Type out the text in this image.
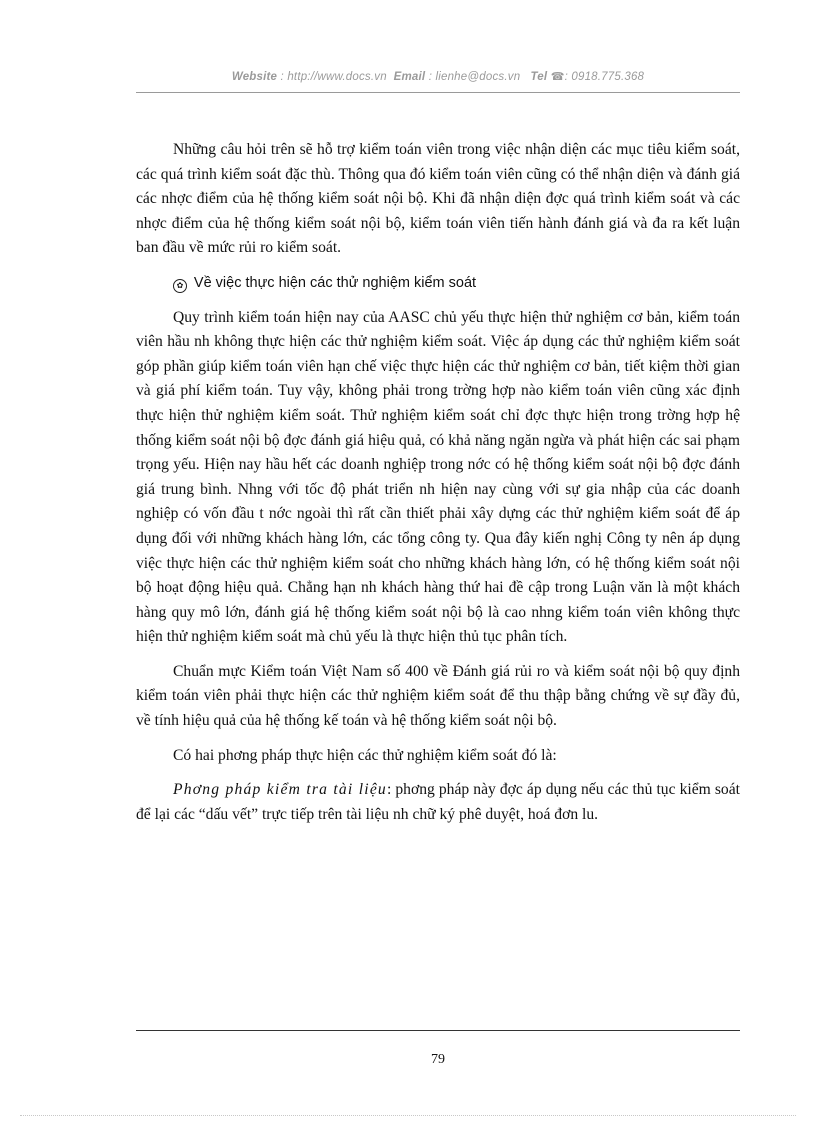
Website : http://www.docs.vn Email : lienhe@docs.vn Tel ☎: 0918.775.368

Những câu hỏi trên sẽ hỗ trợ kiểm toán viên trong việc nhận diện các mục tiêu kiểm soát, các quá trình kiểm soát đặc thù. Thông qua đó kiểm toán viên cũng có thể nhận diện và đánh giá các nhợc điểm của hệ thống kiểm soát nội bộ. Khi đã nhận diện đợc quá trình kiểm soát và các nhợc điểm của hệ thống kiểm soát nội bộ, kiểm toán viên tiến hành đánh giá và đa ra kết luận ban đầu về mức rủi ro kiểm soát.

✿ Về việc thực hiện các thử nghiệm kiểm soát

Quy trình kiểm toán hiện nay của AASC chủ yếu thực hiện thử nghiệm cơ bản, kiểm toán viên hầu nh không thực hiện các thử nghiệm kiểm soát. Việc áp dụng các thử nghiệm kiểm soát góp phần giúp kiểm toán viên hạn chế việc thực hiện các thử nghiệm cơ bản, tiết kiệm thời gian và giá phí kiểm toán. Tuy vậy, không phải trong trờng hợp nào kiểm toán viên cũng xác định thực hiện thử nghiệm kiểm soát. Thử nghiệm kiểm soát chỉ đợc thực hiện trong trờng hợp hệ thống kiểm soát nội bộ đợc đánh giá hiệu quả, có khả năng ngăn ngừa và phát hiện các sai phạm trọng yếu. Hiện nay hầu hết các doanh nghiệp trong nớc có hệ thống kiểm soát nội bộ đợc đánh giá trung bình. Nhng với tốc độ phát triển nh hiện nay cùng với sự gia nhập của các doanh nghiệp có vốn đầu t nớc ngoài thì rất cần thiết phải xây dựng các thử nghiệm kiểm soát để áp dụng đối với những khách hàng lớn, các tổng công ty. Qua đây kiến nghị Công ty nên áp dụng việc thực hiện các thử nghiệm kiểm soát cho những khách hàng lớn, có hệ thống kiểm soát nội bộ hoạt động hiệu quả. Chẳng hạn nh khách hàng thứ hai đề cập trong Luận văn là một khách hàng quy mô lớn, đánh giá hệ thống kiểm soát nội bộ là cao nhng kiểm toán viên không thực hiện thử nghiệm kiểm soát mà chủ yếu là thực hiện thủ tục phân tích.

Chuẩn mực Kiểm toán Việt Nam số 400 về Đánh giá rủi ro và kiểm soát nội bộ quy định kiểm toán viên phải thực hiện các thử nghiệm kiểm soát để thu thập bằng chứng về sự đầy đủ, về tính hiệu quả của hệ thống kế toán và hệ thống kiểm soát nội bộ.

Có hai phơng pháp thực hiện các thử nghiệm kiểm soát đó là:

Phơng pháp kiểm tra tài liệu: phơng pháp này đợc áp dụng nếu các thủ tục kiểm soát để lại các “dấu vết” trực tiếp trên tài liệu nh chữ ký phê duyệt, hoá đơn lu.

79
